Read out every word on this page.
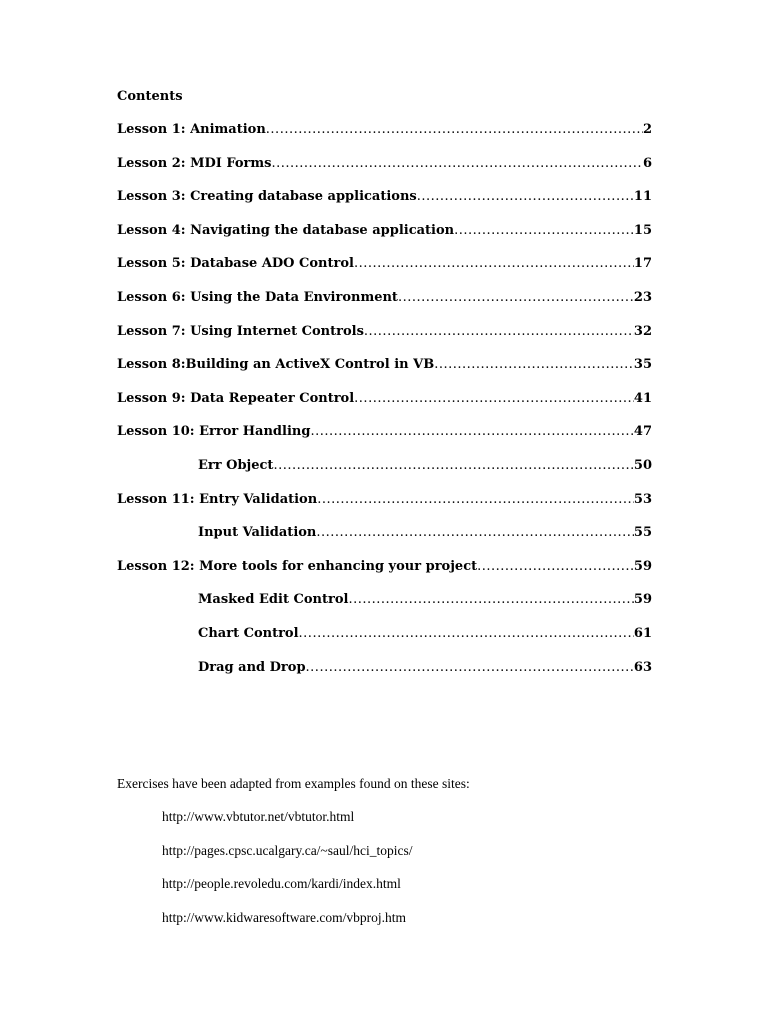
Contents
Lesson 1: Animation .....	2
Lesson 2: MDI Forms .....	6
Lesson 3: Creating database applications .....	11
Lesson 4: Navigating the database application .....	15
Lesson 5: Database ADO Control .....	17
Lesson 6: Using the Data Environment .....	23
Lesson 7: Using Internet Controls .....	32
Lesson 8:Building an ActiveX Control in VB .....	35
Lesson 9: Data Repeater Control .....	41
Lesson 10: Error Handling .....	47
Err Object .....	50
Lesson 11: Entry Validation .....	53
Input Validation .....	55
Lesson 12: More tools for enhancing your project .....	59
Masked Edit Control .....	59
Chart Control .....	61
Drag and Drop .....	63

Exercises have been adapted from examples found on these sites:

http://www.vbtutor.net/vbtutor.html
http://pages.cpsc.ucalgary.ca/~saul/hci_topics/
http://people.revoledu.com/kardi/index.html
http://www.kidwaresoftware.com/vbproj.htm
